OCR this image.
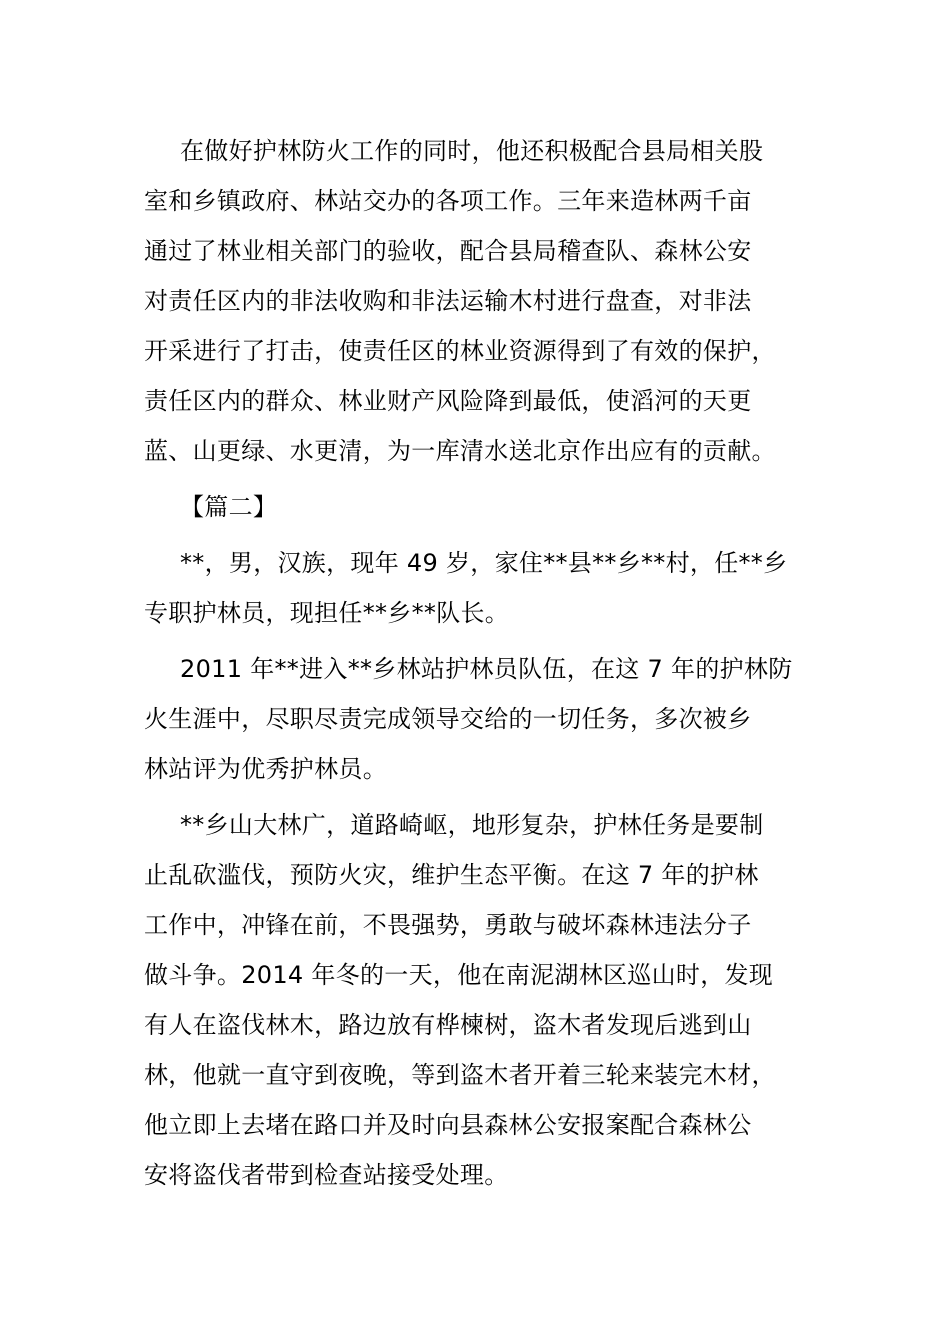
在做好护林防火工作的同时，他还积极配合县局相关股
室和乡镇政府、林站交办的各项工作。三年来造林两千亩
通过了林业相关部门的验收，配合县局稽查队、森林公安
对责任区内的非法收购和非法运输木村进行盘查，对非法
开采进行了打击，使责任区的林业资源得到了有效的保护，
责任区内的群众、林业财产风险降到最低，使滔河的天更
蓝、山更绿、水更清，为一库清水送北京作出应有的贡献。

【篇二】

**，男，汉族，现年 49 岁，家住**县**乡**村，任**乡
专职护林员，现担任**乡**队长。

2011 年**进入**乡林站护林员队伍，在这 7 年的护林防
火生涯中，尽职尽责完成领导交给的一切任务，多次被乡
林站评为优秀护林员。

**乡山大林广，道路崎岖，地形复杂，护林任务是要制
止乱砍滥伐，预防火灾，维护生态平衡。在这 7 年的护林
工作中，冲锋在前，不畏强势，勇敢与破坏森林违法分子
做斗争。2014 年冬的一天，他在南泥湖林区巡山时，发现
有人在盗伐林木，路边放有桦楝树，盗木者发现后逃到山
林，他就一直守到夜晚，等到盗木者开着三轮来装完木材，
他立即上去堵在路口并及时向县森林公安报案配合森林公
安将盗伐者带到检查站接受处理。
